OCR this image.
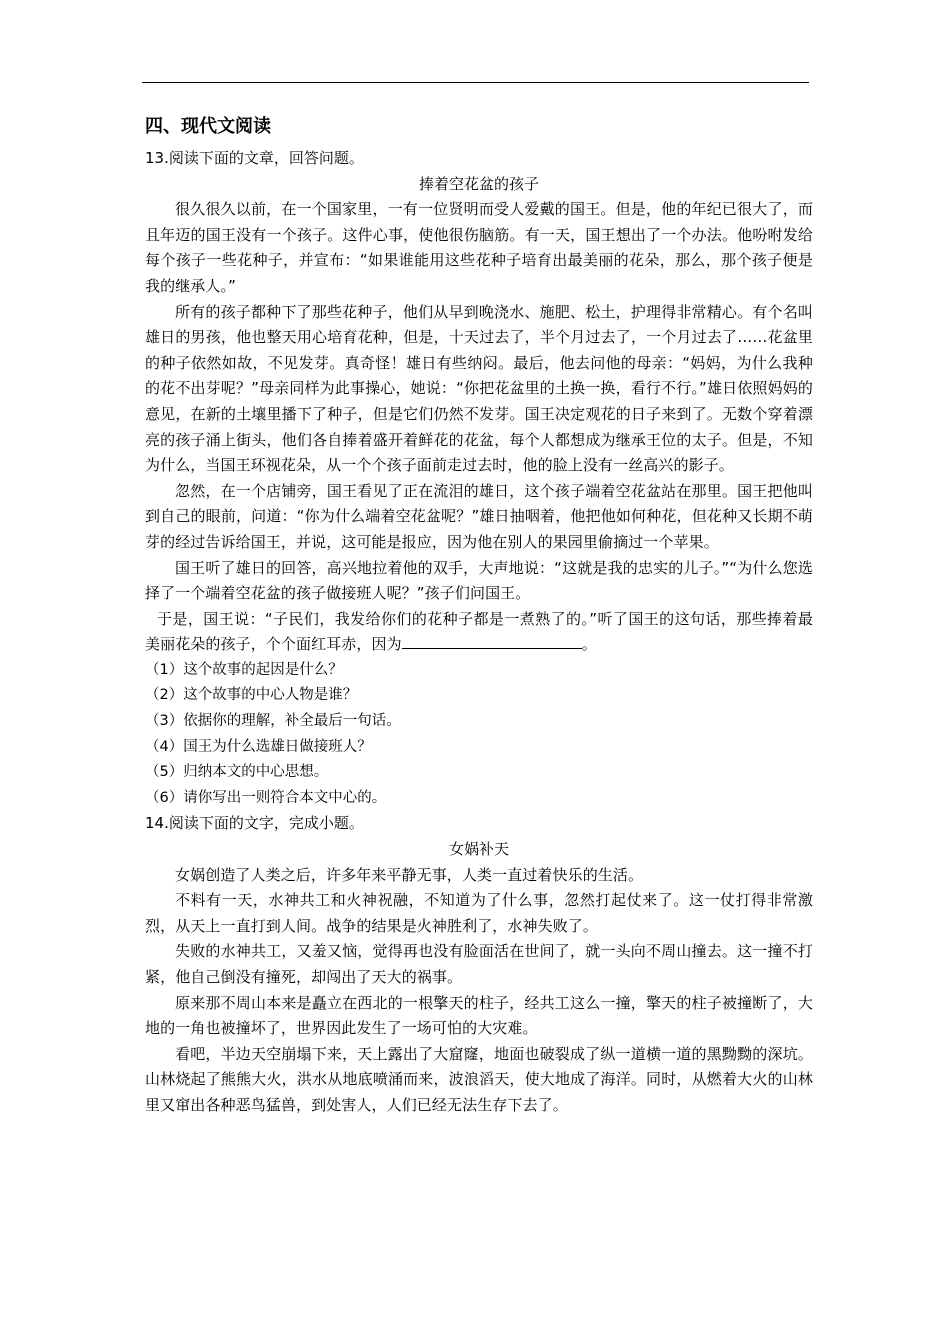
四、现代文阅读

13.阅读下面的文章，回答问题。

捧着空花盆的孩子

很久很久以前，在一个国家里，一有一位贤明而受人爱戴的国王。但是，他的年纪已很大了，而且年迈的国王没有一个孩子。这件心事，使他很伤脑筋。有一天，国王想出了一个办法。他吩咐发给每个孩子一些花种子，并宣布：“如果谁能用这些花种子培育出最美丽的花朵，那么，那个孩子便是我的继承人。”

所有的孩子都种下了那些花种子，他们从早到晚浇水、施肥、松土，护理得非常精心。有个名叫雄日的男孩，他也整天用心培育花种，但是，十天过去了，半个月过去了，一个月过去了……花盆里的种子依然如故，不见发芽。真奇怪！雄日有些纳闷。最后，他去问他的母亲：“妈妈，为什么我种的花不出芽呢？”母亲同样为此事操心，她说：“你把花盆里的土换一换，看行不行。”雄日依照妈妈的意见，在新的土壤里播下了种子，但是它们仍然不发芽。国王决定观花的日子来到了。无数个穿着漂亮的孩子涌上街头，他们各自捧着盛开着鲜花的花盆，每个人都想成为继承王位的太子。但是，不知为什么，当国王环视花朵，从一个个孩子面前走过去时，他的脸上没有一丝高兴的影子。

忽然，在一个店铺旁，国王看见了正在流泪的雄日，这个孩子端着空花盆站在那里。国王把他叫到自己的眼前，问道：“你为什么端着空花盆呢？”雄日抽咽着，他把他如何种花，但花种又长期不萌芽的经过告诉给国王，并说，这可能是报应，因为他在别人的果园里偷摘过一个苹果。

国王听了雄日的回答，高兴地拉着他的双手，大声地说：“这就是我的忠实的儿子。”“为什么您选择了一个端着空花盆的孩子做接班人呢？”孩子们问国王。

于是，国王说：“子民们，我发给你们的花种子都是一煮熟了的。”听了国王的这句话，那些捧着最美丽花朵的孩子，个个面红耳赤，因为	。

（1）这个故事的起因是什么？

（2）这个故事的中心人物是谁？

（3）依据你的理解，补全最后一句话。

（4）国王为什么选雄日做接班人？

（5）归纳本文的中心思想。

（6）请你写出一则符合本文中心的。

14.阅读下面的文字，完成小题。

女娲补天

女娲创造了人类之后，许多年来平静无事，人类一直过着快乐的生活。

不料有一天，水神共工和火神祝融，不知道为了什么事，忽然打起仗来了。这一仗打得非常激烈，从天上一直打到人间。战争的结果是火神胜利了，水神失败了。

失败的水神共工，又羞又恼，觉得再也没有脸面活在世间了，就一头向不周山撞去。这一撞不打紧，他自己倒没有撞死，却闯出了天大的祸事。

原来那不周山本来是矗立在西北的一根擎天的柱子，经共工这么一撞，擎天的柱子被撞断了，大地的一角也被撞坏了，世界因此发生了一场可怕的大灾难。

看吧，半边天空崩塌下来，天上露出了大窟窿，地面也破裂成了纵一道横一道的黑黝黝的深坑。山林烧起了熊熊大火，洪水从地底喷涌而来，波浪滔天，使大地成了海洋。同时，从燃着大火的山林里又窜出各种恶鸟猛兽，到处害人，人们已经无法生存下去了。
